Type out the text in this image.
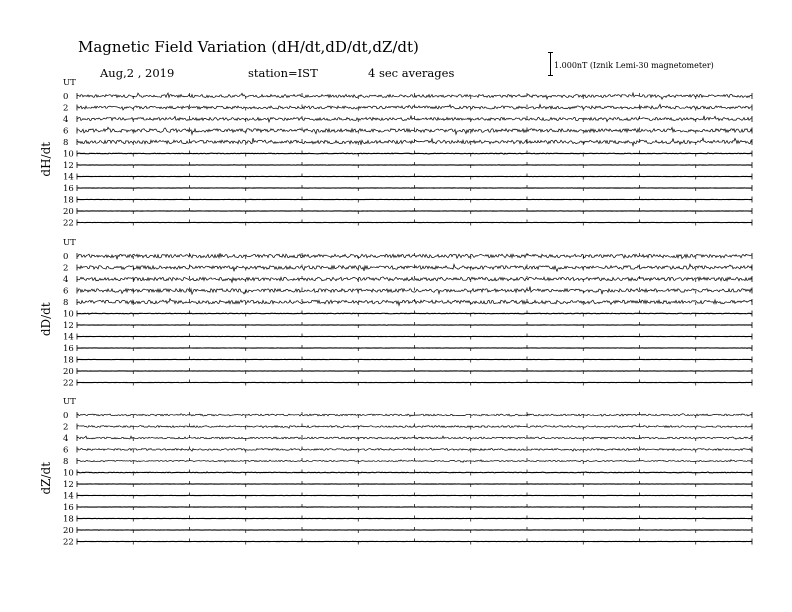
Magnetic Field Variation (dH/dt,dD/dt,dZ/dt)
Aug,2 , 2019	station=IST	4 sec averages
1.000nT (Iznik Lemi-30 magnetometer)
UT
dH/dt
0
2
4
6
8
10
12
14
16
18
20
22
UT
dD/dt
0
2
4
6
8
10
12
14
16
18
20
22
UT
dZ/dt
0
2
4
6
8
10
12
14
16
18
20
22
